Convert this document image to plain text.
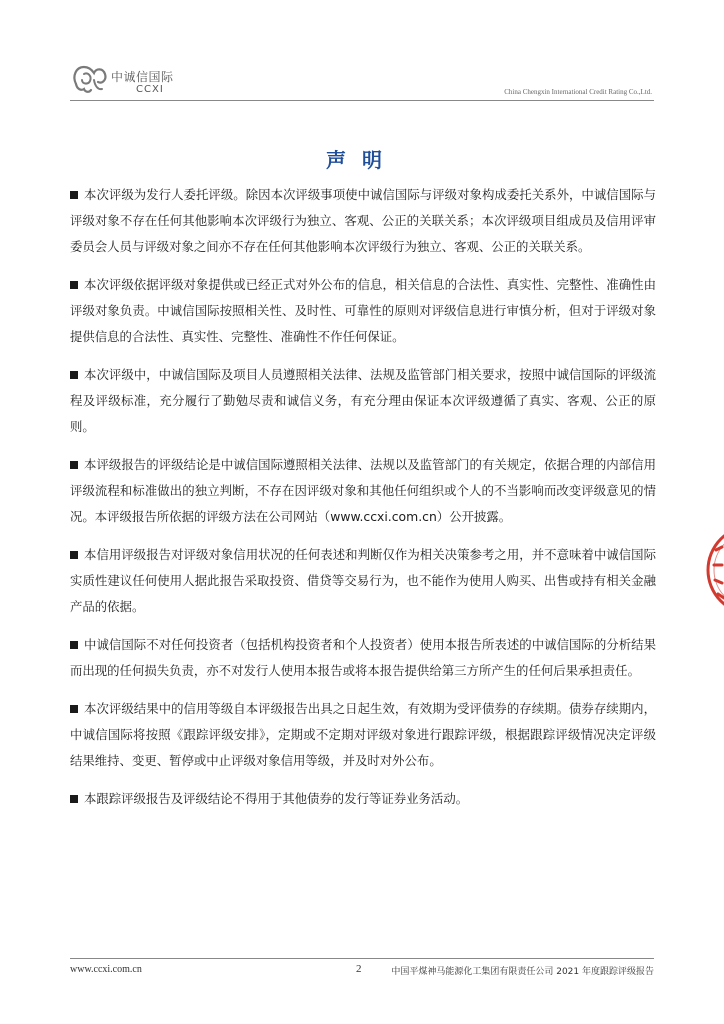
中诚信国际
CCXI	China Chengxin International Credit Rating Co.,Ltd.
声明

本次评级为发行人委托评级。除因本次评级事项使中诚信国际与评级对象构成委托关系外，中诚信国际与评级对象不存在任何其他影响本次评级行为独立、客观、公正的关联关系；本次评级项目组成员及信用评审委员会人员与评级对象之间亦不存在任何其他影响本次评级行为独立、客观、公正的关联关系。

本次评级依据评级对象提供或已经正式对外公布的信息，相关信息的合法性、真实性、完整性、准确性由评级对象负责。中诚信国际按照相关性、及时性、可靠性的原则对评级信息进行审慎分析，但对于评级对象提供信息的合法性、真实性、完整性、准确性不作任何保证。

本次评级中，中诚信国际及项目人员遵照相关法律、法规及监管部门相关要求，按照中诚信国际的评级流程及评级标准，充分履行了勤勉尽责和诚信义务，有充分理由保证本次评级遵循了真实、客观、公正的原则。

本评级报告的评级结论是中诚信国际遵照相关法律、法规以及监管部门的有关规定，依据合理的内部信用评级流程和标准做出的独立判断，不存在因评级对象和其他任何组织或个人的不当影响而改变评级意见的情况。本评级报告所依据的评级方法在公司网站（www.ccxi.com.cn）公开披露。

本信用评级报告对评级对象信用状况的任何表述和判断仅作为相关决策参考之用，并不意味着中诚信国际实质性建议任何使用人据此报告采取投资、借贷等交易行为，也不能作为使用人购买、出售或持有相关金融产品的依据。

中诚信国际不对任何投资者（包括机构投资者和个人投资者）使用本报告所表述的中诚信国际的分析结果而出现的任何损失负责，亦不对发行人使用本报告或将本报告提供给第三方所产生的任何后果承担责任。

本次评级结果中的信用等级自本评级报告出具之日起生效，有效期为受评债券的存续期。债券存续期内，中诚信国际将按照《跟踪评级安排》，定期或不定期对评级对象进行跟踪评级，根据跟踪评级情况决定评级结果维持、变更、暂停或中止评级对象信用等级，并及时对外公布。

本跟踪评级报告及评级结论不得用于其他债券的发行等证券业务活动。

www.ccxi.com.cn	2	中国平煤神马能源化工集团有限责任公司 2021 年度跟踪评级报告
